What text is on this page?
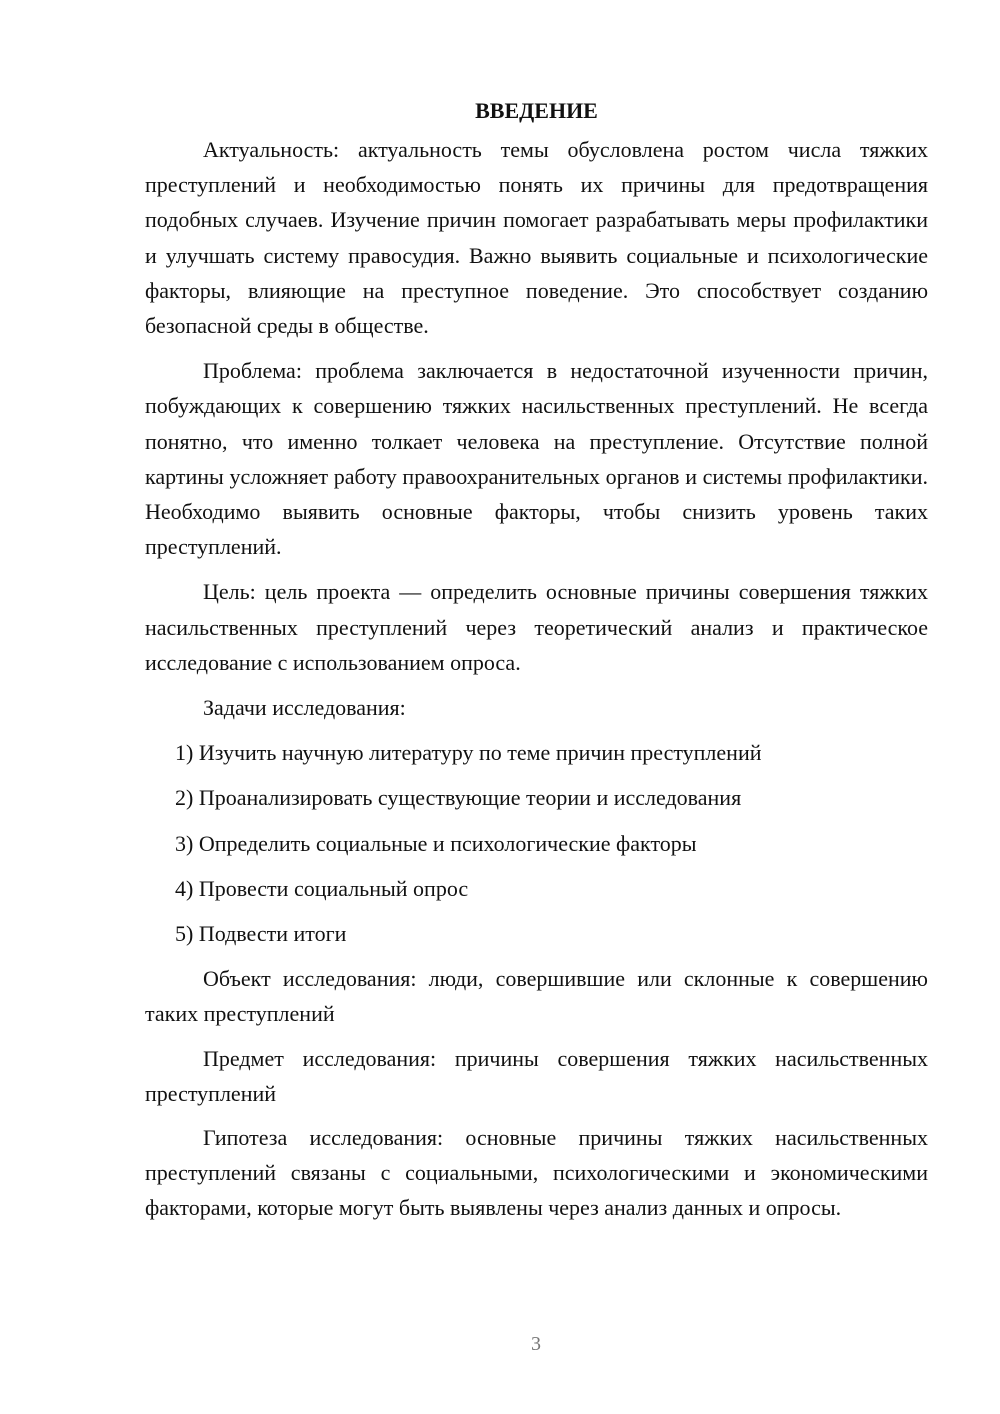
ВВЕДЕНИЕ

Актуальность: актуальность темы обусловлена ростом числа тяжких преступлений и необходимостью понять их причины для предотвращения подобных случаев. Изучение причин помогает разрабатывать меры профилактики и улучшать систему правосудия. Важно выявить социальные и психологические факторы, влияющие на преступное поведение. Это способствует созданию безопасной среды в обществе.

Проблема: проблема заключается в недостаточной изученности причин, побуждающих к совершению тяжких насильственных преступлений. Не всегда понятно, что именно толкает человека на преступление. Отсутствие полной картины усложняет работу правоохранительных органов и системы профилактики. Необходимо выявить основные факторы, чтобы снизить уровень таких преступлений.

Цель: цель проекта — определить основные причины совершения тяжких насильственных преступлений через теоретический анализ и практическое исследование с использованием опроса.

Задачи исследования:

1) Изучить научную литературу по теме причин преступлений
2) Проанализировать существующие теории и исследования
3) Определить социальные и психологические факторы
4) Провести социальный опрос
5) Подвести итоги

Объект исследования: люди, совершившие или склонные к совершению таких преступлений

Предмет исследования: причины совершения тяжких насильственных преступлений

Гипотеза исследования: основные причины тяжких насильственных преступлений связаны с социальными, психологическими и экономическими факторами, которые могут быть выявлены через анализ данных и опросы.

3
